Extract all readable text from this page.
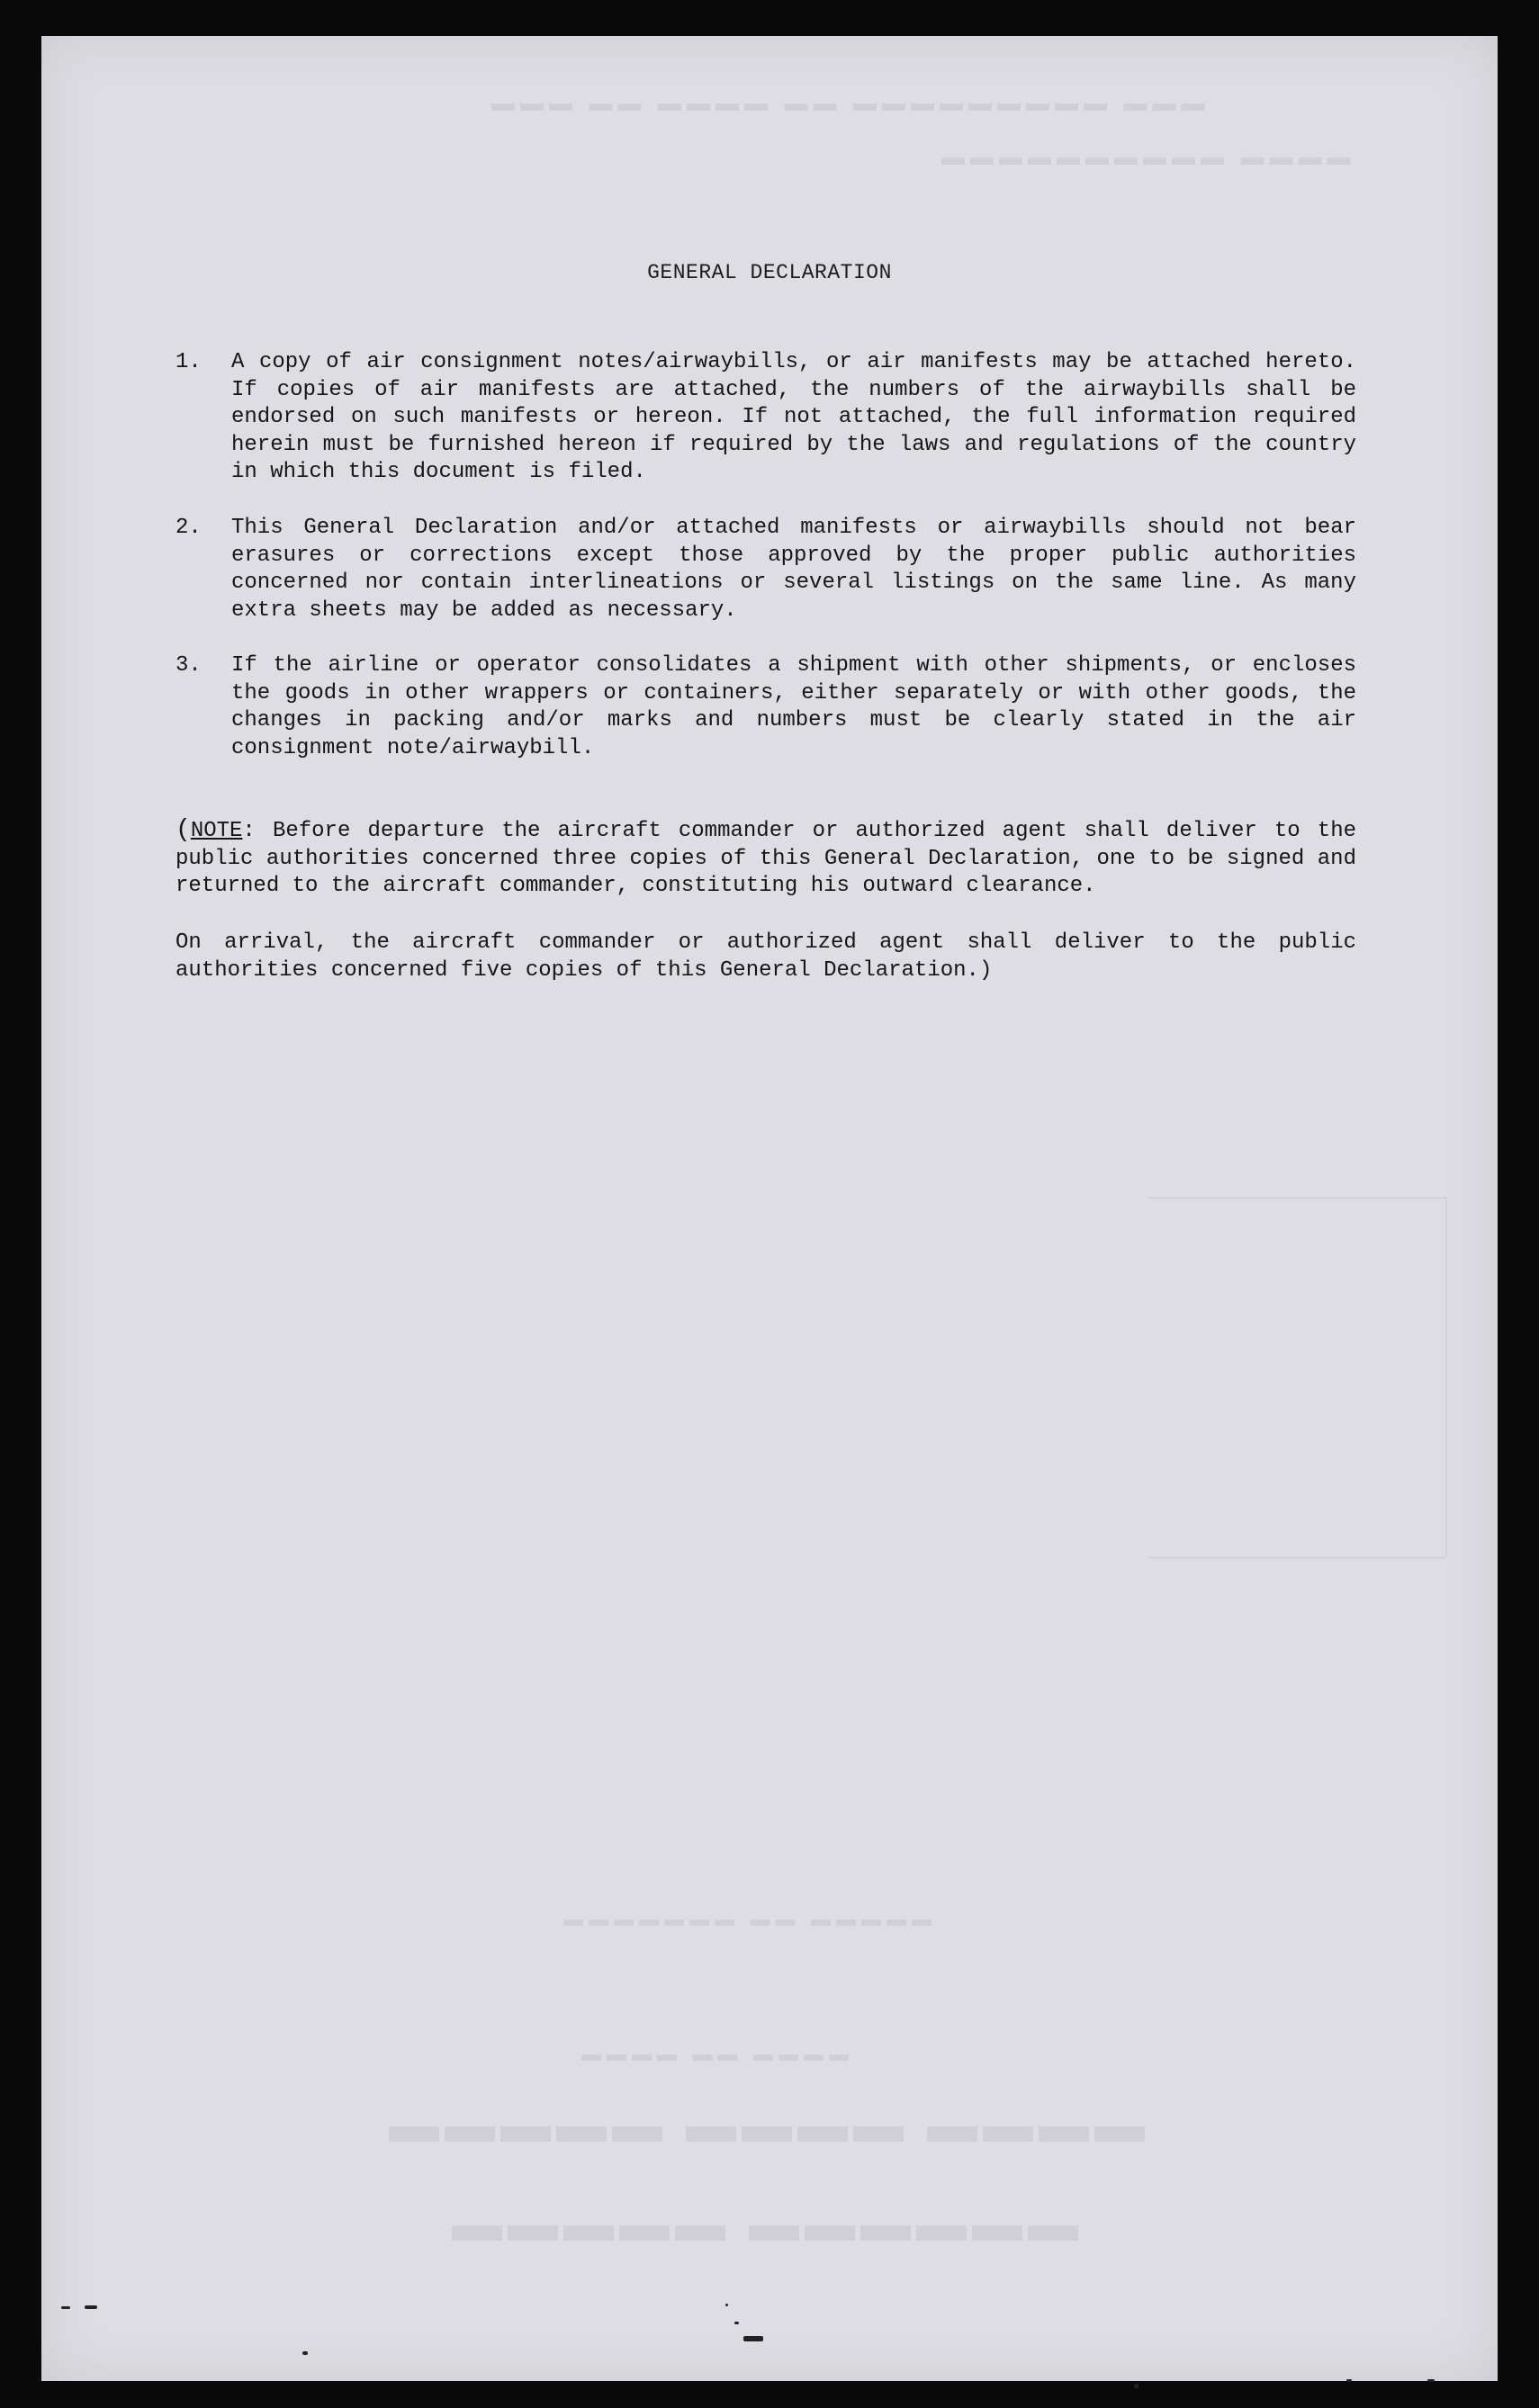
▬▬▬ ▬▬ ▬▬▬▬ ▬▬ ▬▬▬▬▬▬▬▬▬ ▬▬▬
▬▬▬▬▬▬▬▬▬▬ ▬▬▬▬
▬▬▬▬▬▬▬ ▬▬ ▬▬▬▬▬
▬▬▬▬ ▬▬ ▬▬▬▬
▬▬▬▬ ▬▬▬▬ ▬▬▬▬▬
▬▬▬▬▬▬ ▬▬▬▬▬
GENERAL DECLARATION
1.	A copy of air consignment notes/airwaybills, or air manifests may be attached hereto. If copies of air manifests are attached, the numbers of the airwaybills shall be endorsed on such manifests or hereon. If not attached, the full information required herein must be furnished hereon if required by the laws and regulations of the country in which this document is filed.
2.	This General Declaration and/or attached manifests or airwaybills should not bear erasures or corrections except those approved by the proper public authorities concerned nor contain interlineations or several listings on the same line. As many extra sheets may be added as necessary.
3.	If the airline or operator consolidates a shipment with other shipments, or encloses the goods in other wrappers or containers, either separately or with other goods, the changes in packing and/or marks and numbers must be clearly stated in the air consignment note/airwaybill.
(NOTE: Before departure the aircraft commander or authorized agent shall deliver to the public authorities concerned three copies of this General Declaration, one to be signed and returned to the aircraft commander, constituting his outward clearance.
On arrival, the aircraft commander or authorized agent shall deliver to the public authorities concerned five copies of this General Declaration.)
